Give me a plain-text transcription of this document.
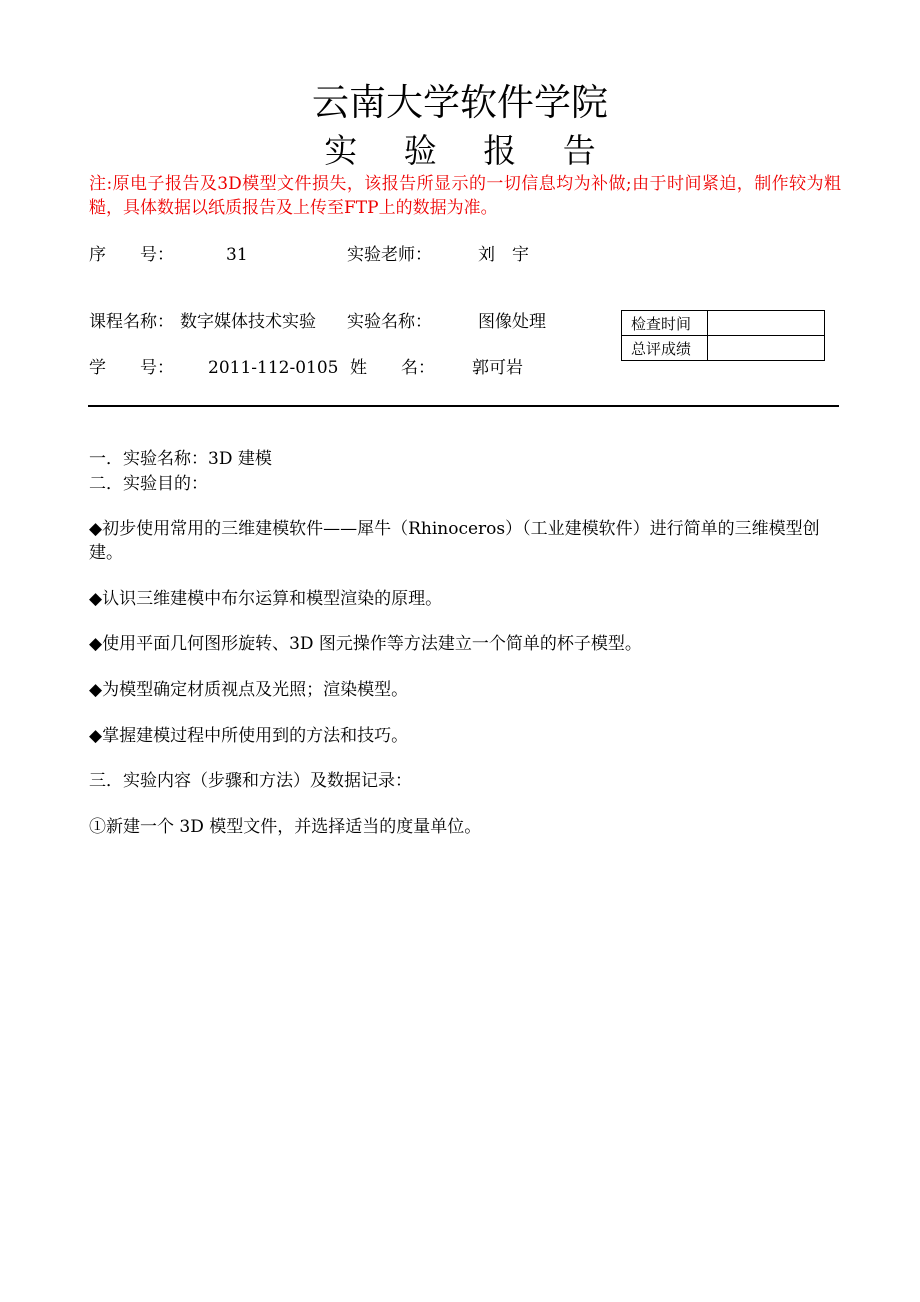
云南大学软件学院
实 验 报 告
注:原电子报告及3D模型文件损失，该报告所显示的一切信息均为补做;由于时间紧迫，制作较为粗糙，具体数据以纸质报告及上传至FTP上的数据为准。
序　　号：	31	实验老师：	刘　宇
课程名称： 数字媒体技术实验 实验名称：	图像处理
学　　号： 2011-112-0105 姓　　名： 郭可岩
检查时间	
总评成绩	
一．实验名称：3D 建模
二．实验目的：
◆初步使用常用的三维建模软件——犀牛（Rhinoceros）（工业建模软件）进行简单的三维模型创建。
◆认识三维建模中布尔运算和模型渲染的原理。
◆使用平面几何图形旋转、3D 图元操作等方法建立一个简单的杯子模型。
◆为模型确定材质视点及光照；渲染模型。
◆掌握建模过程中所使用到的方法和技巧。
三．实验内容（步骤和方法）及数据记录：
①新建一个 3D 模型文件，并选择适当的度量单位。
